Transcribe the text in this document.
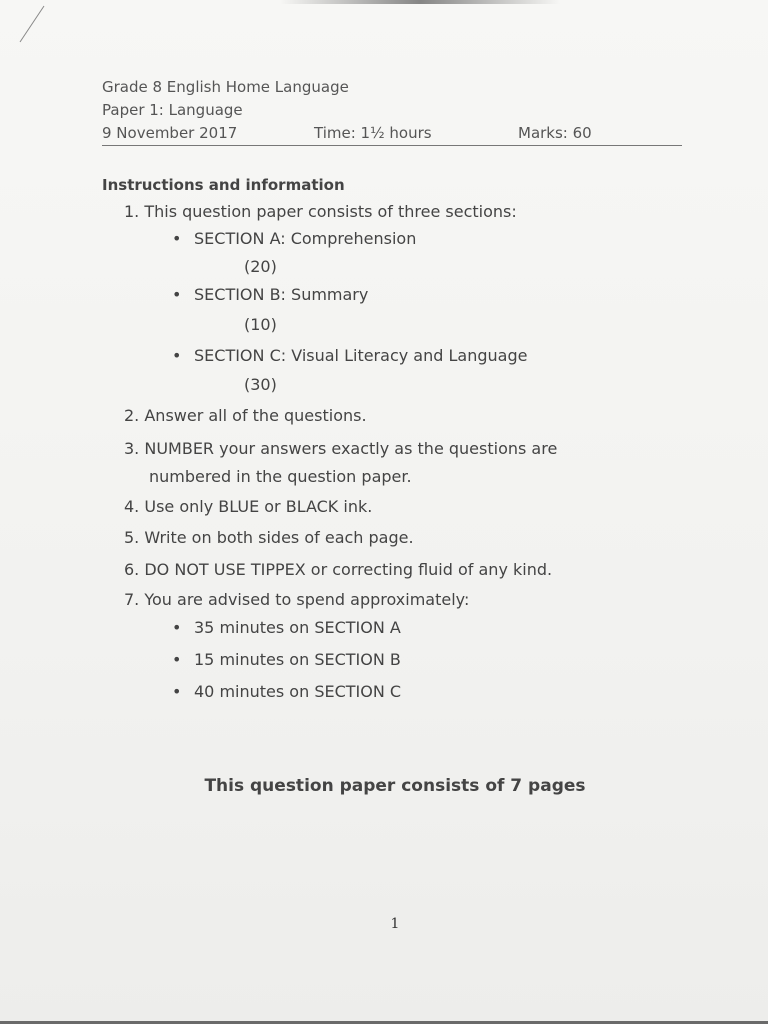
Grade 8 English Home Language
Paper 1: Language
9 November 2017	Time: 1½ hours	Marks: 60
Instructions and information
1. This question paper consists of three sections:
• SECTION A: Comprehension
(20)
• SECTION B: Summary
(10)
• SECTION C: Visual Literacy and Language
(30)
2. Answer all of the questions.
3. NUMBER your answers exactly as the questions are
numbered in the question paper.
4. Use only BLUE or BLACK ink.
5. Write on both sides of each page.
6. DO NOT USE TIPPEX or correcting fluid of any kind.
7. You are advised to spend approximately:
• 35 minutes on SECTION A
• 15 minutes on SECTION B
• 40 minutes on SECTION C
This question paper consists of 7 pages
1
